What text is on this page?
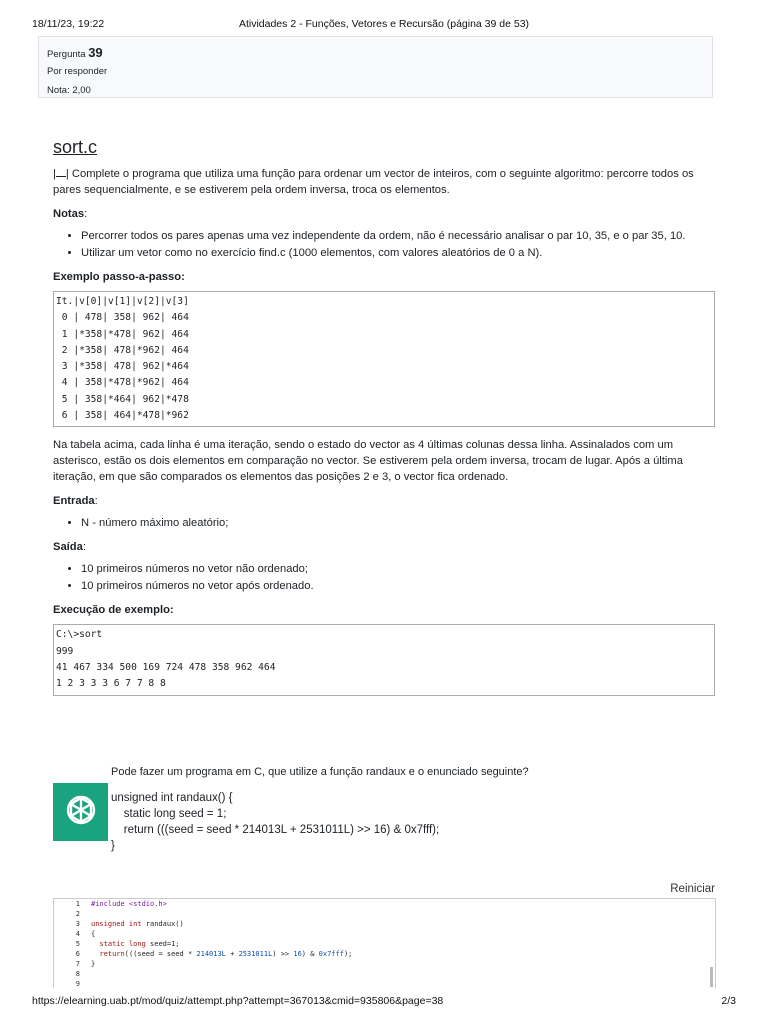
18/11/23, 19:22	Atividades 2 - Funções, Vetores e Recursão (página 39 de 53)
Pergunta 39
Por responder
Nota: 2,00
sort.c

| | Complete o programa que utiliza uma função para ordenar um vector de inteiros, com o seguinte algoritmo: percorre todos os pares sequencialmente, e se estiverem pela ordem inversa, troca os elementos.

Notas:
• Percorrer todos os pares apenas uma vez independente da ordem, não é necessário analisar o par 10, 35, e o par 35, 10.
• Utilizar um vetor como no exercício find.c (1000 elementos, com valores aleatórios de 0 a N).
Exemplo passo-a-passo:
It.|v[0]|v[1]|v[2]|v[3]
0 | 478| 358| 962| 464
1 |*358|*478| 962| 464
2 |*358| 478|*962| 464
3 |*358| 478| 962|*464
4 | 358|*478|*962| 464
5 | 358|*464| 962|*478
6 | 358| 464|*478|*962

Na tabela acima, cada linha é uma iteração, sendo o estado do vector as 4 últimas colunas dessa linha. Assinalados com um asterisco, estão os dois elementos em comparação no vector. Se estiverem pela ordem inversa, trocam de lugar. Após a última iteração, em que são comparados os elementos das posições 2 e 3, o vector fica ordenado.

Entrada:
• N - número máximo aleatório;
Saída:
• 10 primeiros números no vetor não ordenado;
• 10 primeiros números no vetor após ordenado.
Execução de exemplo:
C:\>sort
999
41 467 334 500 169 724 478 358 962 464
1 2 3 3 3 6 7 7 8 8
Pode fazer um programa em C, que utilize a função randaux e o enunciado seguinte?
unsigned int randaux() {
static long seed = 1;
return (((seed = seed * 214013L + 2531011L) >> 16) & 0x7fff);
}
Reiniciar
1
2
3
4
5
6
7
8
9
#include <stdio.h>
unsigned int randaux()
{
static long seed=1;
return(((seed = seed * 214013L + 2531011L) >> 16) & 0x7fff);
}
https://elearning.uab.pt/mod/quiz/attempt.php?attempt=367013&cmid=935806&page=38	2/3
